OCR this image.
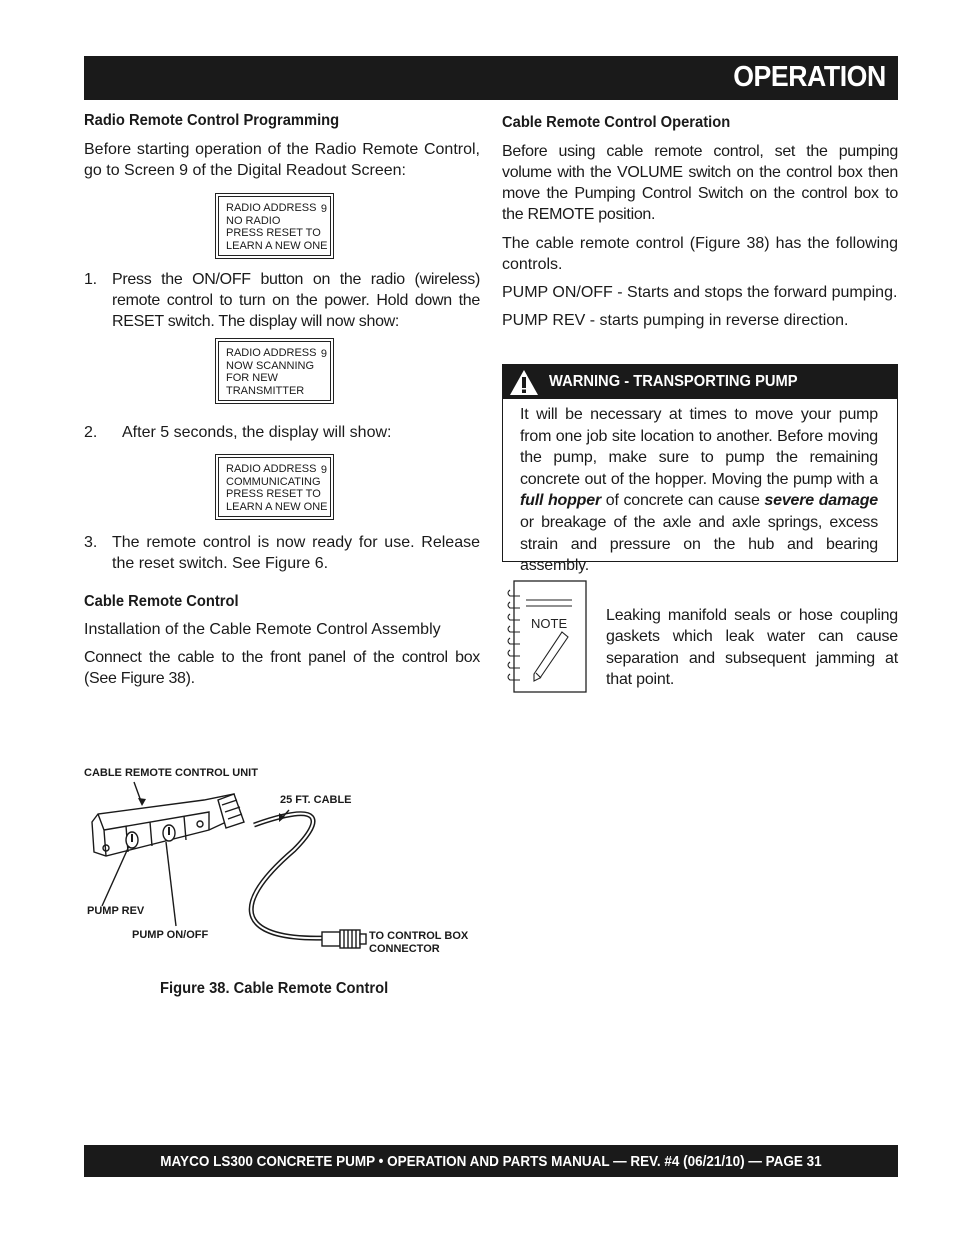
OPERATION
Radio Remote Control Programming

Before starting operation of the Radio Remote Control, go to Screen 9 of the Digital Readout Screen:

9
RADIO ADDRESS
NO RADIO
PRESS RESET TO
LEARN A NEW ONE
1. Press the ON/OFF button on the radio (wireless) remote control to turn on the power. Hold down the RESET switch. The display will now show:
9
RADIO ADDRESS
NOW SCANNING
FOR NEW
TRANSMITTER
2. After 5 seconds, the display will show:
9
RADIO ADDRESS
COMMUNICATING
PRESS RESET TO
LEARN A NEW ONE
3. The remote control is now ready for use. Release the reset switch. See Figure 6.
Cable Remote Control

Installation of the Cable Remote Control Assembly

Connect the cable to the front panel of the control box (See Figure 38).

Cable Remote Control Operation

Before using cable remote control, set the pumping volume with the VOLUME switch on the control box then move the Pumping Control Switch on the control box to the REMOTE position.

The cable remote control (Figure 38) has the following controls.

PUMP ON/OFF - Starts and stops the forward pumping.

PUMP REV - starts pumping in reverse direction.

WARNING - TRANSPORTING PUMP
It will be necessary at times to move your pump from one job site location to another. Before moving the pump, make sure to pump the remaining concrete out of the hopper. Moving the pump with a full hopper of concrete can cause severe damage or breakage of the axle and axle springs, excess strain and pressure on the hub and bearing assembly.
NOTE Leaking manifold seals or hose coupling gaskets which leak water can cause separation and subsequent jamming at that point.
CABLE REMOTE CONTROL UNIT
25 FT. CABLE
PUMP REV
PUMP ON/OFF	TO CONTROL BOX
CONNECTOR
Figure 38. Cable Remote Control
MAYCO LS300 CONCRETE PUMP • OPERATION AND PARTS MANUAL — REV. #4 (06/21/10) — PAGE 31
